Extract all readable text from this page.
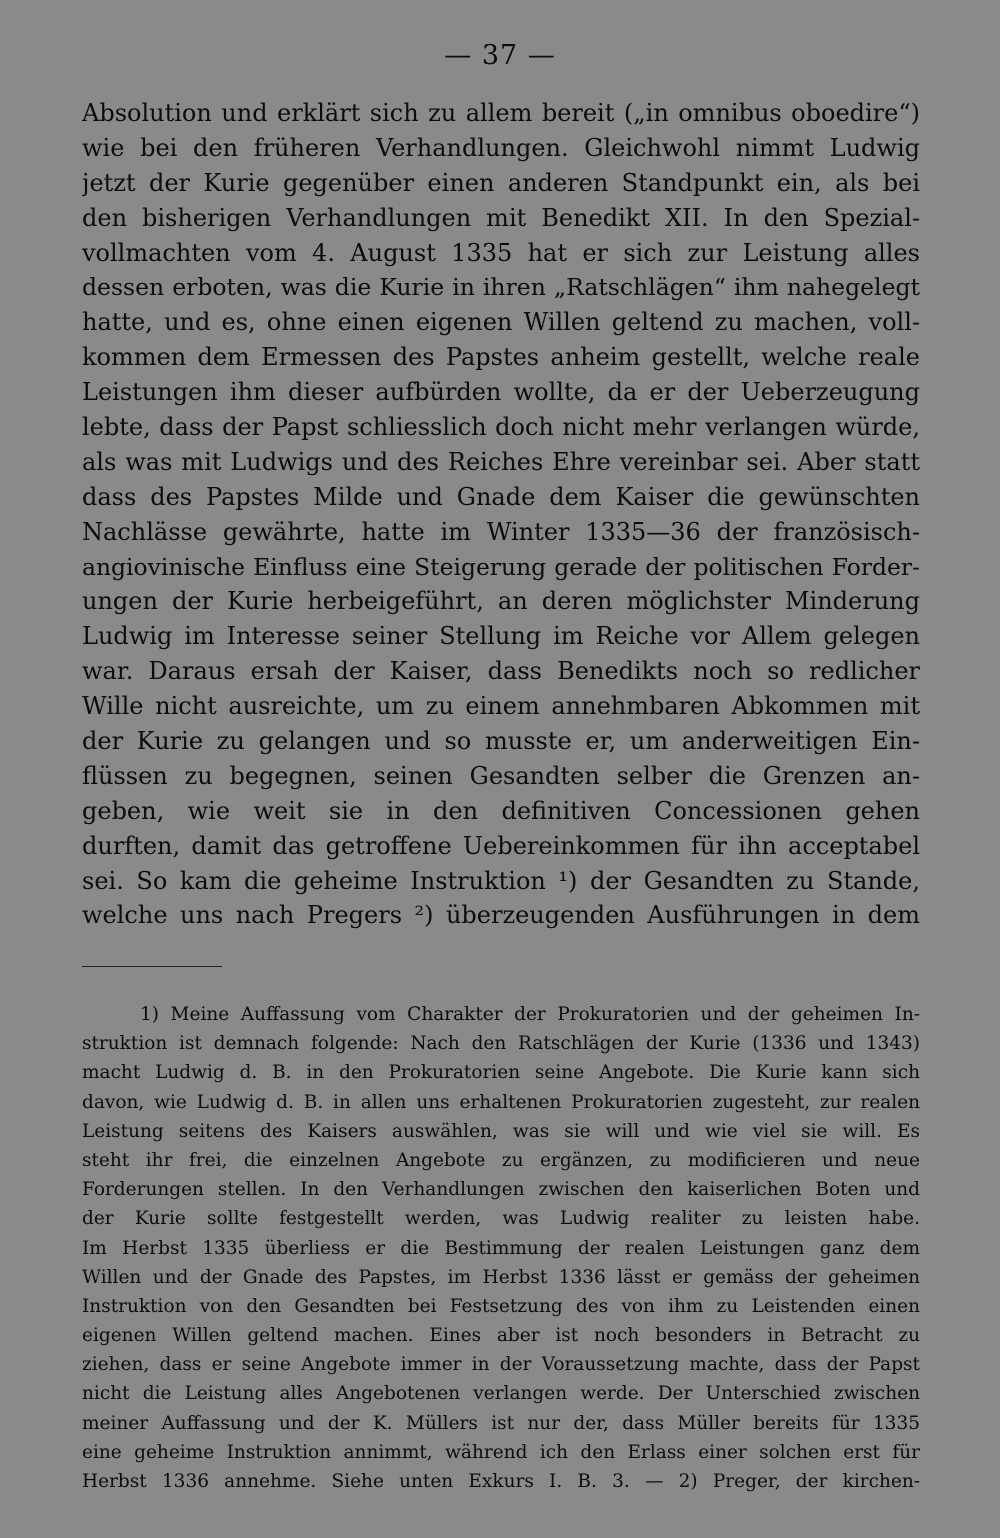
— 37 —
Absolution und erklärt sich zu allem bereit („in omnibus oboedire“)
wie bei den früheren Verhandlungen. Gleichwohl nimmt Ludwig
jetzt der Kurie gegenüber einen anderen Standpunkt ein, als bei
den bisherigen Verhandlungen mit Benedikt XII. In den Spezial-
vollmachten vom 4. August 1335 hat er sich zur Leistung alles
dessen erboten, was die Kurie in ihren „Ratschlägen“ ihm nahegelegt
hatte, und es, ohne einen eigenen Willen geltend zu machen, voll-
kommen dem Ermessen des Papstes anheim gestellt, welche reale
Leistungen ihm dieser aufbürden wollte, da er der Ueberzeugung
lebte, dass der Papst schliesslich doch nicht mehr verlangen würde,
als was mit Ludwigs und des Reiches Ehre vereinbar sei. Aber statt
dass des Papstes Milde und Gnade dem Kaiser die gewünschten
Nachlässe gewährte, hatte im Winter 1335—36 der französisch-
angiovinische Einfluss eine Steigerung gerade der politischen Forder-
ungen der Kurie herbeigeführt, an deren möglichster Minderung
Ludwig im Interesse seiner Stellung im Reiche vor Allem gelegen
war. Daraus ersah der Kaiser, dass Benedikts noch so redlicher
Wille nicht ausreichte, um zu einem annehmbaren Abkommen mit
der Kurie zu gelangen und so musste er, um anderweitigen Ein-
flüssen zu begegnen, seinen Gesandten selber die Grenzen an-
geben, wie weit sie in den definitiven Concessionen gehen
durften, damit das getroffene Uebereinkommen für ihn acceptabel
sei. So kam die geheime Instruktion ¹) der Gesandten zu Stande,
welche uns nach Pregers ²) überzeugenden Ausführungen in dem
1) Meine Auffassung vom Charakter der Prokuratorien und der geheimen In-
struktion ist demnach folgende: Nach den Ratschlägen der Kurie (1336 und 1343)
macht Ludwig d. B. in den Prokuratorien seine Angebote. Die Kurie kann sich
davon, wie Ludwig d. B. in allen uns erhaltenen Prokuratorien zugesteht, zur realen
Leistung seitens des Kaisers auswählen, was sie will und wie viel sie will. Es
steht ihr frei, die einzelnen Angebote zu ergänzen, zu modificieren und neue
Forderungen stellen. In den Verhandlungen zwischen den kaiserlichen Boten und
der Kurie sollte festgestellt werden, was Ludwig realiter zu leisten habe.
Im Herbst 1335 überliess er die Bestimmung der realen Leistungen ganz dem
Willen und der Gnade des Papstes, im Herbst 1336 lässt er gemäss der geheimen
Instruktion von den Gesandten bei Festsetzung des von ihm zu Leistenden einen
eigenen Willen geltend machen. Eines aber ist noch besonders in Betracht zu
ziehen, dass er seine Angebote immer in der Voraussetzung machte, dass der Papst
nicht die Leistung alles Angebotenen verlangen werde. Der Unterschied zwischen
meiner Auffassung und der K. Müllers ist nur der, dass Müller bereits für 1335
eine geheime Instruktion annimmt, während ich den Erlass einer solchen erst für
Herbst 1336 annehme. Siehe unten Exkurs I. B. 3. — 2) Preger, der kirchen-
